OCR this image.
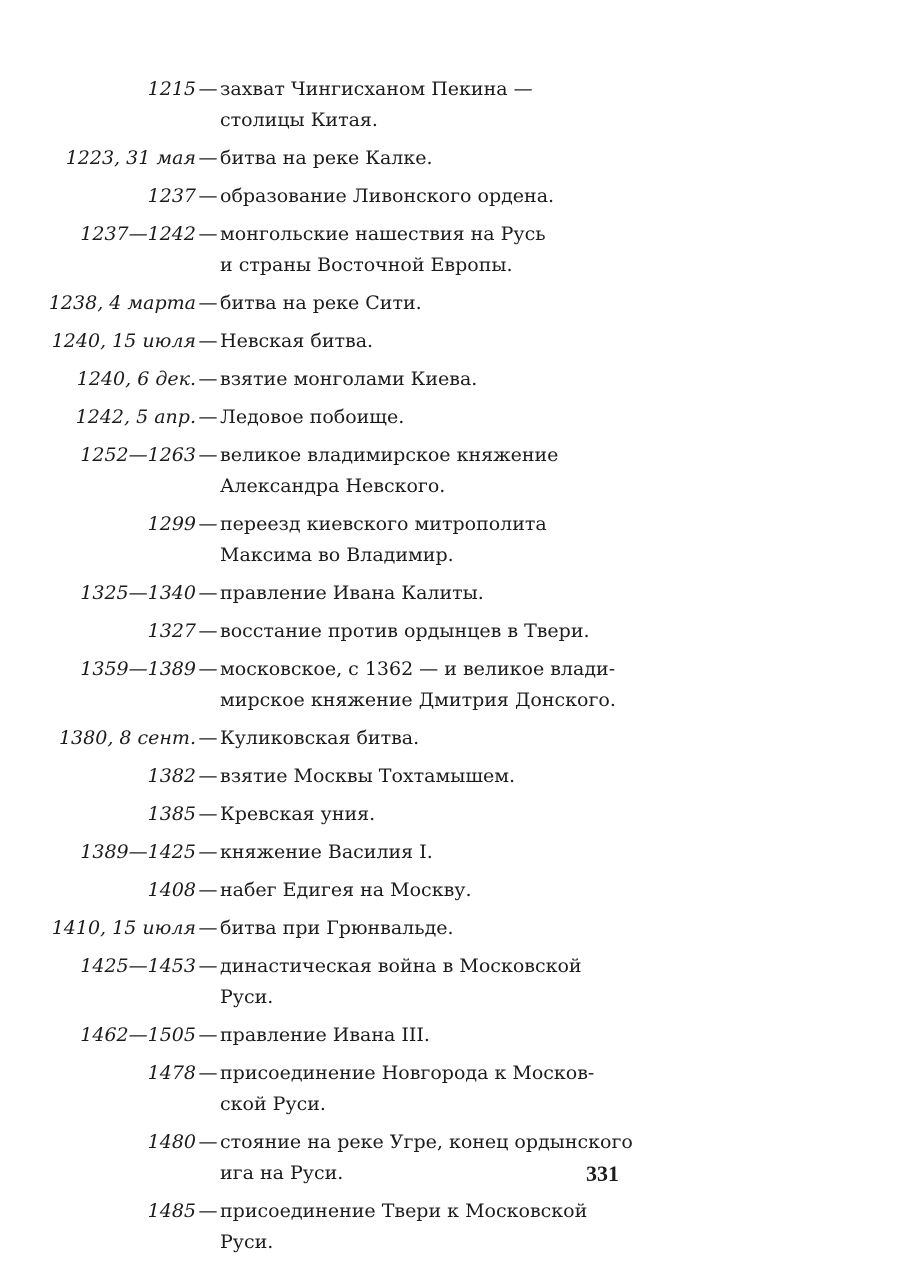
1215 — захват Чингисханом Пекина —
столицы Китая.
1223, 31 мая — битва на реке Калке.
1237 — образование Ливонского ордена.
1237—1242 — монгольские нашествия на Русь
и страны Восточной Европы.
1238, 4 марта — битва на реке Сити.
1240, 15 июля — Невская битва.
1240, 6 дек. — взятие монголами Киева.
1242, 5 апр. — Ледовое побоище.
1252—1263 — великое владимирское княжение
Александра Невского.
1299 — переезд киевского митрополита
Максима во Владимир.
1325—1340 — правление Ивана Калиты.
1327 — восстание против ордынцев в Твери.
1359—1389 — московское, с 1362 — и великое влади-
мирское княжение Дмитрия Донского.
1380, 8 сент. — Куликовская битва.
1382 — взятие Москвы Тохтамышем.
1385 — Кревская уния.
1389—1425 — княжение Василия I.
1408 — набег Едигея на Москву.
1410, 15 июля — битва при Грюнвальде.
1425—1453 — династическая война в Московской
Руси.
1462—1505 — правление Ивана III.
1478 — присоединение Новгорода к Москов-
ской Руси.
1480 — стояние на реке Угре, конец ордынского
ига на Руси.
1485 — присоединение Твери к Московской
Руси.
331
